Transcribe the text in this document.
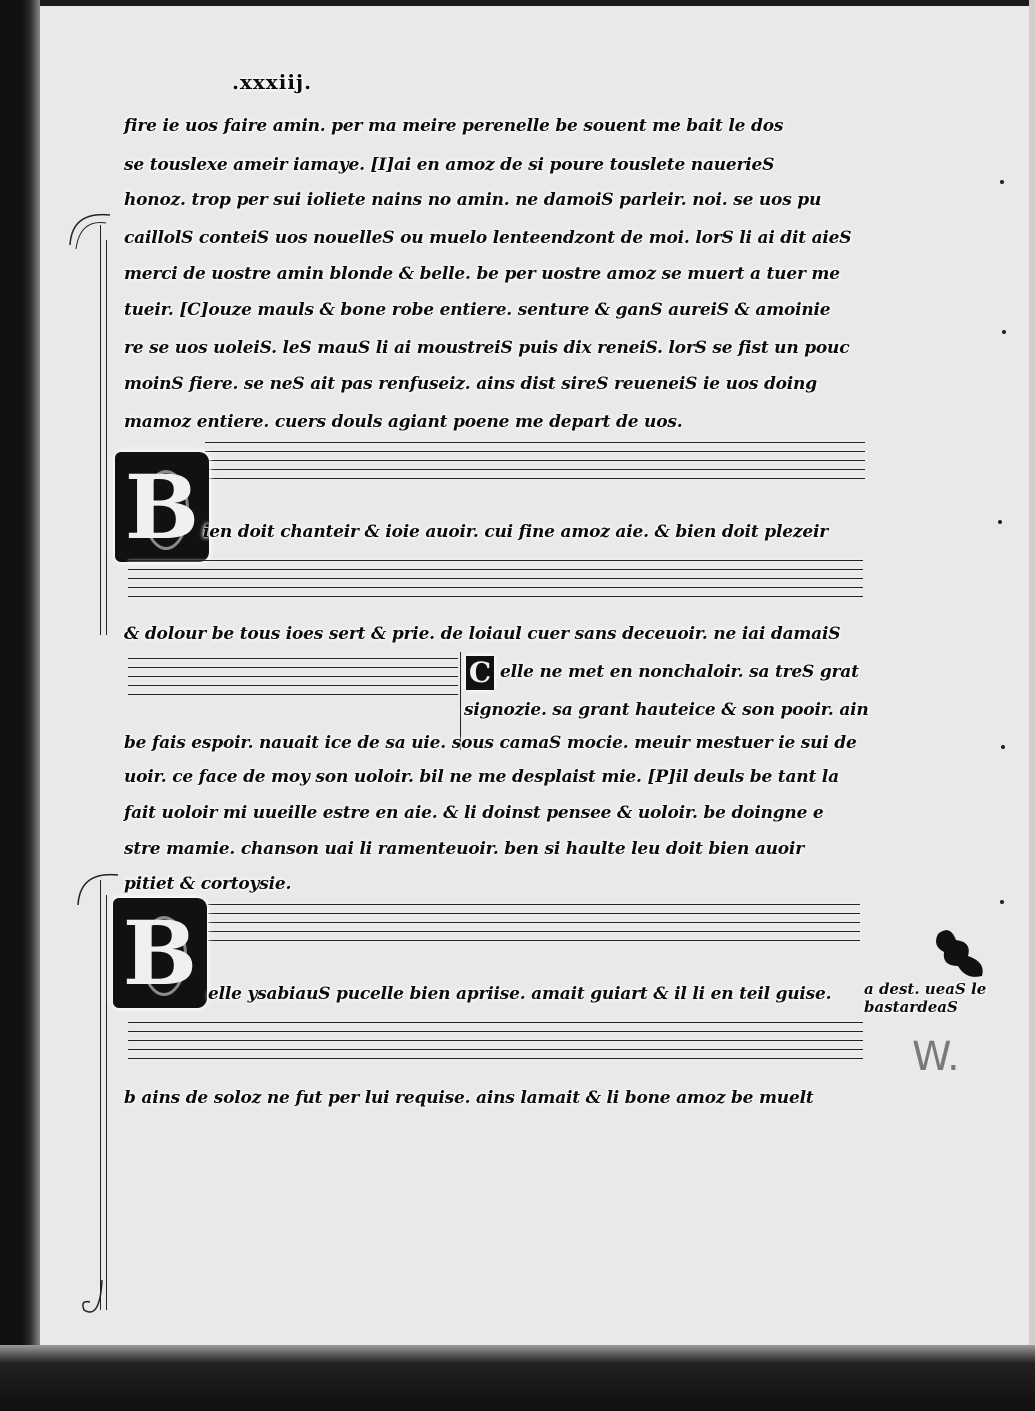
.xxxiij.
fire ie uos faire amin. per ma meire perenelle be souent me bait le dos
se touslexe ameir iamaye. [I]ai en amoz de si poure touslete nauerieS
honoz. trop per sui ioliete nains no amin. ne damoiS parleir. noi. se uos pu
caillolS conteiS uos nouelleS ou muelo lenteendzont de moi. lorS li ai dit aieS
merci de uostre amin blonde & belle. be per uostre amoz se muert a tuer me
tueir. [C]ouze mauls & bone robe entiere. senture & ganS aureiS & amoinie
re se uos uoleiS. leS mauS li ai moustreiS puis dix reneiS. lorS se fist un pouc
moinS fiere. se neS ait pas renfuseiz. ains dist sireS reueneiS ie uos doing
mamoz entiere. cuers douls agiant poene me depart de uos.
B ien doit chanteir & ioie auoir. cui fine amoz aie. & bien doit plezeir
& dolour be tous ioes sert & prie. de loiaul cuer sans deceuoir. ne iai damaiS
C elle ne met en nonchaloir. sa treS grat
signozie. sa grant hauteice & son pooir. ain
be fais espoir. nauait ice de sa uie. sous camaS mocie. meuir mestuer ie sui de
uoir. ce face de moy son uoloir. bil ne me desplaist mie. [P]il deuls be tant la
fait uoloir mi uueille estre en aie. & li doinst pensee & uoloir. be doingne e
stre mamie. chanson uai li ramenteuoir. ben si haulte leu doit bien auoir
pitiet & cortoysie.
B elle ysabiauS pucelle bien apriise. amait guiart & il li en teil guise.
b ains de soloz ne fut per lui requise. ains lamait & li bone amoz be muelt
a dest. ueaS le
bastardeaS
W.
